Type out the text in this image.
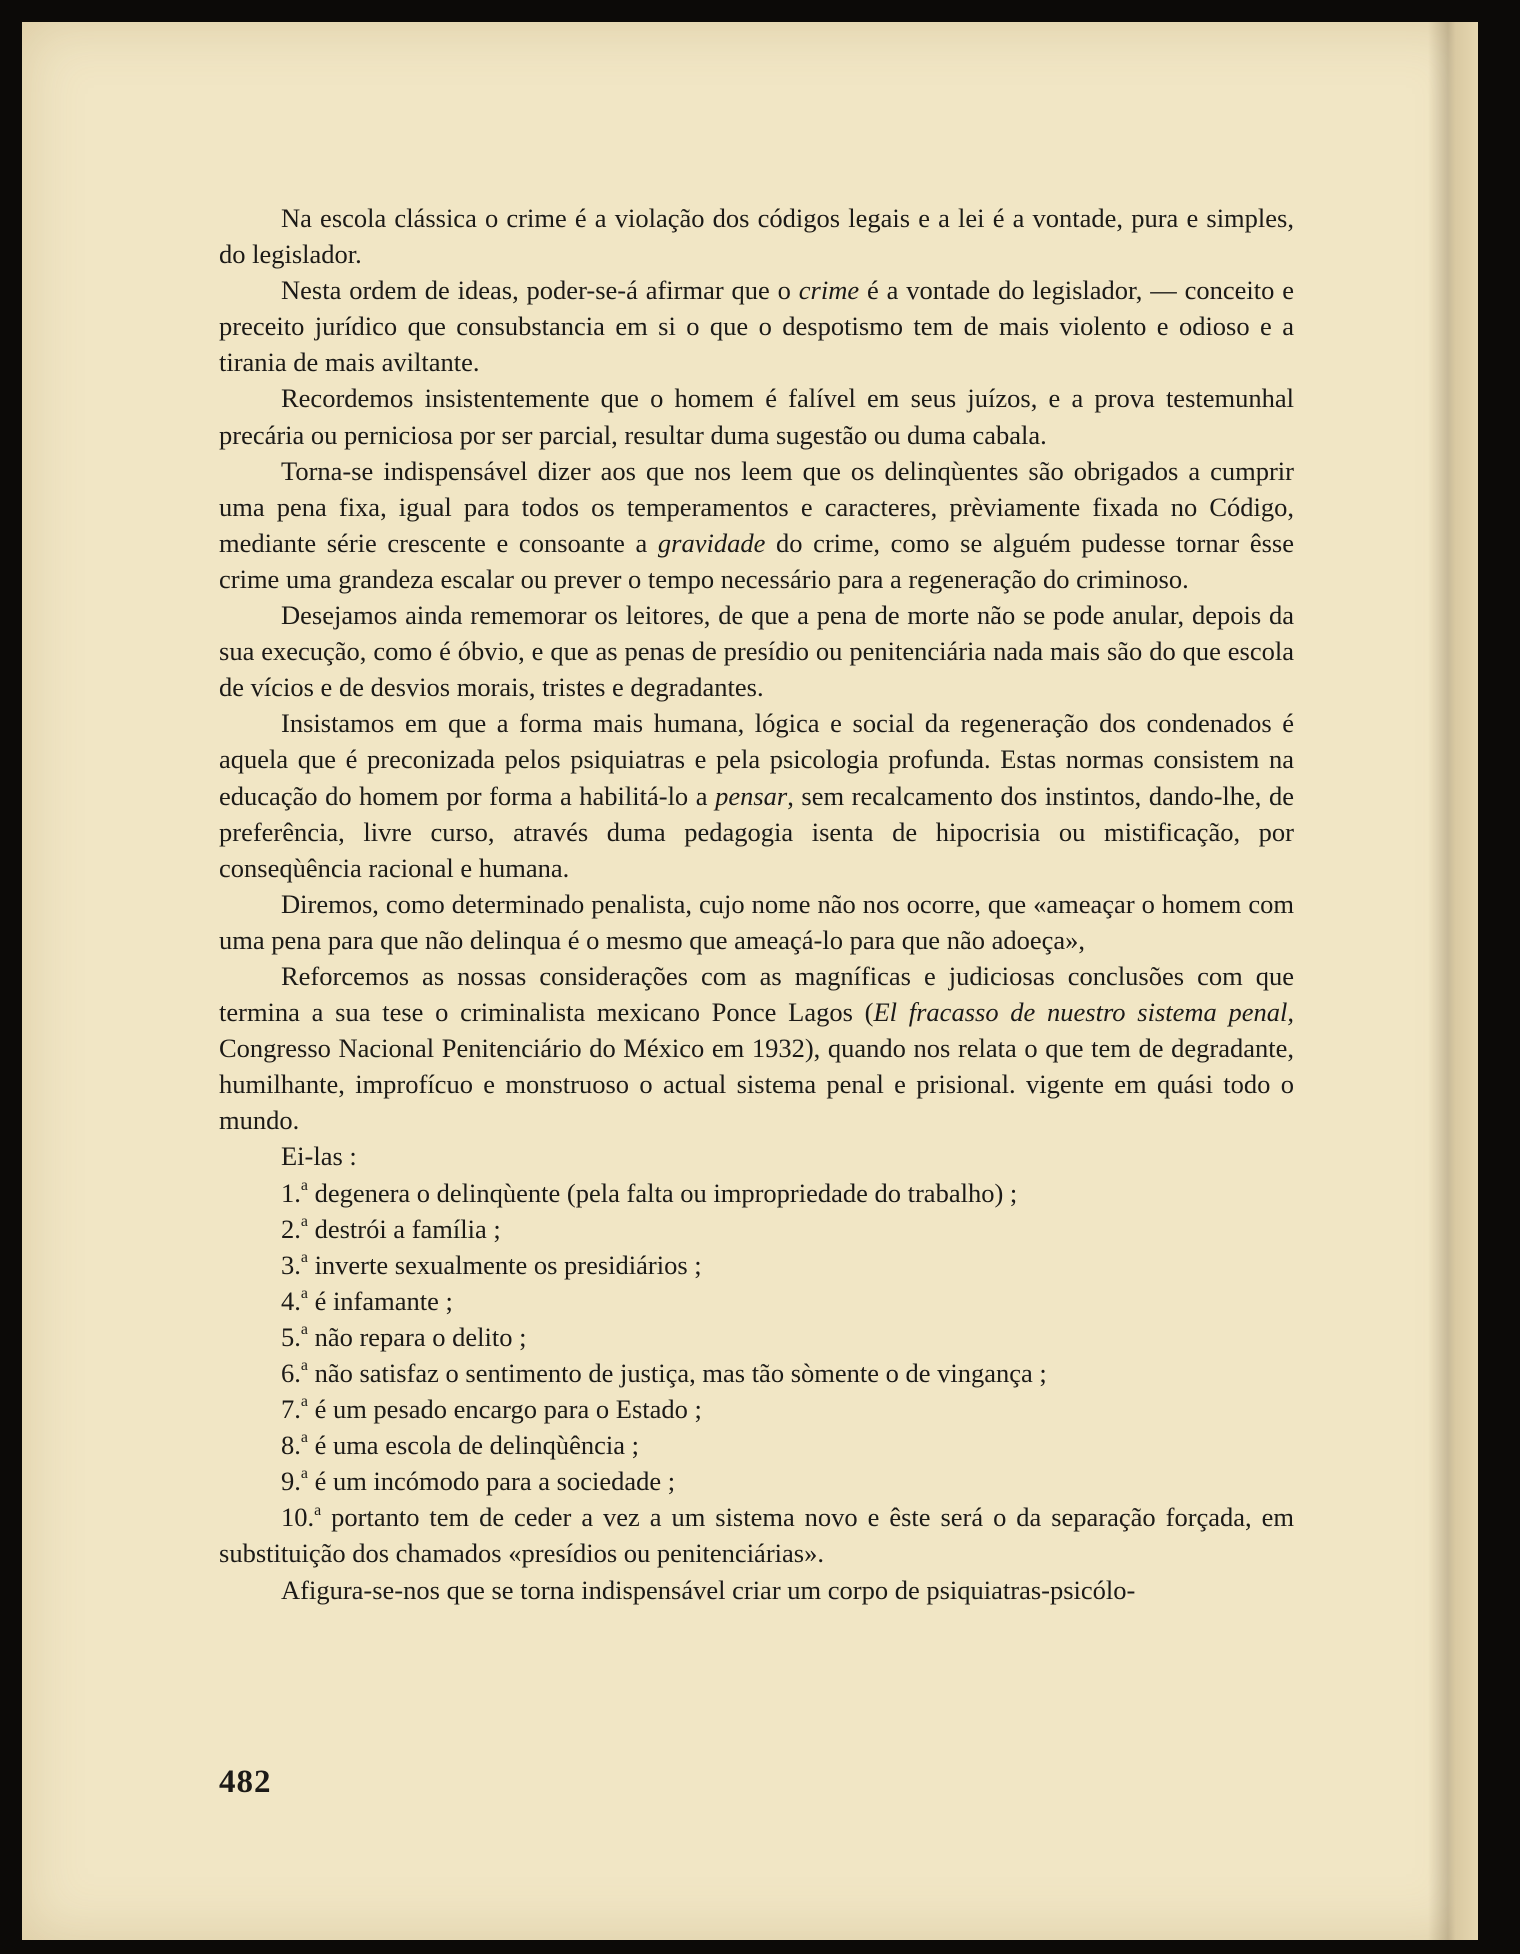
Na escola clássica o crime é a violação dos códigos legais e a lei é a vontade, pura e simples, do legislador.

Nesta ordem de ideas, poder-se-á afirmar que o crime é a vontade do legislador, — conceito e preceito jurídico que consubstancia em si o que o despotismo tem de mais violento e odioso e a tirania de mais aviltante.

Recordemos insistentemente que o homem é falível em seus juízos, e a prova testemunhal precária ou perniciosa por ser parcial, resultar duma sugestão ou duma cabala.

Torna-se indispensável dizer aos que nos leem que os delinqùentes são obrigados a cumprir uma pena fixa, igual para todos os temperamentos e caracteres, prèviamente fixada no Código, mediante série crescente e consoante a gravidade do crime, como se alguém pudesse tornar êsse crime uma grandeza escalar ou prever o tempo necessário para a regeneração do criminoso.

Desejamos ainda rememorar os leitores, de que a pena de morte não se pode anular, depois da sua execução, como é óbvio, e que as penas de presídio ou penitenciária nada mais são do que escola de vícios e de desvios morais, tristes e degradantes.

Insistamos em que a forma mais humana, lógica e social da regeneração dos condenados é aquela que é preconizada pelos psiquiatras e pela psicologia profunda. Estas normas consistem na educação do homem por forma a habilitá-lo a pensar, sem recalcamento dos instintos, dando-lhe, de preferência, livre curso, através duma pedagogia isenta de hipocrisia ou mistificação, por conseqùência racional e humana.

Diremos, como determinado penalista, cujo nome não nos ocorre, que «ameaçar o homem com uma pena para que não delinqua é o mesmo que ameaçá-lo para que não adoeça»,

Reforcemos as nossas considerações com as magníficas e judiciosas conclusões com que termina a sua tese o criminalista mexicano Ponce Lagos (El fracasso de nuestro sistema penal, Congresso Nacional Penitenciário do México em 1932), quando nos relata o que tem de degradante, humilhante, improfícuo e monstruoso o actual sistema penal e prisional. vigente em quási todo o mundo.

Ei-las :

1.$^a$ degenera o delinqùente (pela falta ou impropriedade do trabalho) ;

2.$^a$ destrói a família ;

3.$^a$ inverte sexualmente os presidiários ;

4.$^a$ é infamante ;

5.$^a$ não repara o delito ;

6.$^a$ não satisfaz o sentimento de justiça, mas tão sòmente o de vingança ;

7.$^a$ é um pesado encargo para o Estado ;

8.$^a$ é uma escola de delinqùência ;

9.$^a$ é um incómodo para a sociedade ;

10.$^a$ portanto tem de ceder a vez a um sistema novo e êste será o da separação forçada, em substituição dos chamados «presídios ou penitenciárias».

Afigura-se-nos que se torna indispensável criar um corpo de psiquiatras-psicólo-

482
